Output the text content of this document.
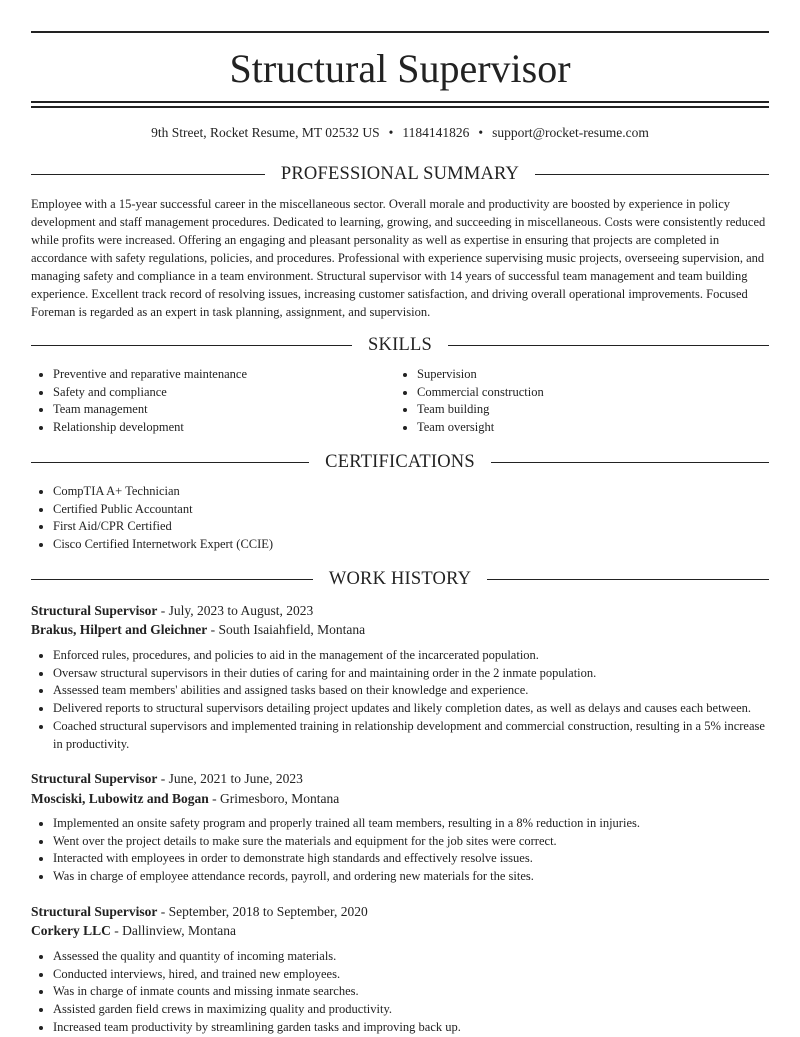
Structural Supervisor
9th Street, Rocket Resume, MT 02532 US • 1184141826 • support@rocket-resume.com
PROFESSIONAL SUMMARY

Employee with a 15-year successful career in the miscellaneous sector. Overall morale and productivity are boosted by experience in policy development and staff management procedures. Dedicated to learning, growing, and succeeding in miscellaneous. Costs were consistently reduced while profits were increased. Offering an engaging and pleasant personality as well as expertise in ensuring that projects are completed in accordance with safety regulations, policies, and procedures. Professional with experience supervising music projects, overseeing supervision, and managing safety and compliance in a team environment. Structural supervisor with 14 years of successful team management and team building experience. Excellent track record of resolving issues, increasing customer satisfaction, and driving overall operational improvements. Focused Foreman is regarded as an expert in task planning, assignment, and supervision.

SKILLS
• Preventive and reparative maintenance
• Safety and compliance
• Team management
• Relationship development
• Supervision
• Commercial construction
• Team building
• Team oversight
CERTIFICATIONS
• CompTIA A+ Technician
• Certified Public Accountant
• First Aid/CPR Certified
• Cisco Certified Internetwork Expert (CCIE)
WORK HISTORY
Structural Supervisor - July, 2023 to August, 2023
Brakus, Hilpert and Gleichner - South Isaiahfield, Montana
• Enforced rules, procedures, and policies to aid in the management of the incarcerated population.
• Oversaw structural supervisors in their duties of caring for and maintaining order in the 2 inmate population.
• Assessed team members' abilities and assigned tasks based on their knowledge and experience.
• Delivered reports to structural supervisors detailing project updates and likely completion dates, as well as delays and causes each between.
• Coached structural supervisors and implemented training in relationship development and commercial construction, resulting in a 5% increase in productivity.
Structural Supervisor - June, 2021 to June, 2023
Mosciski, Lubowitz and Bogan - Grimesboro, Montana
• Implemented an onsite safety program and properly trained all team members, resulting in a 8% reduction in injuries.
• Went over the project details to make sure the materials and equipment for the job sites were correct.
• Interacted with employees in order to demonstrate high standards and effectively resolve issues.
• Was in charge of employee attendance records, payroll, and ordering new materials for the sites.
Structural Supervisor - September, 2018 to September, 2020
Corkery LLC - Dallinview, Montana
• Assessed the quality and quantity of incoming materials.
• Conducted interviews, hired, and trained new employees.
• Was in charge of inmate counts and missing inmate searches.
• Assisted garden field crews in maximizing quality and productivity.
• Increased team productivity by streamlining garden tasks and improving back up.
